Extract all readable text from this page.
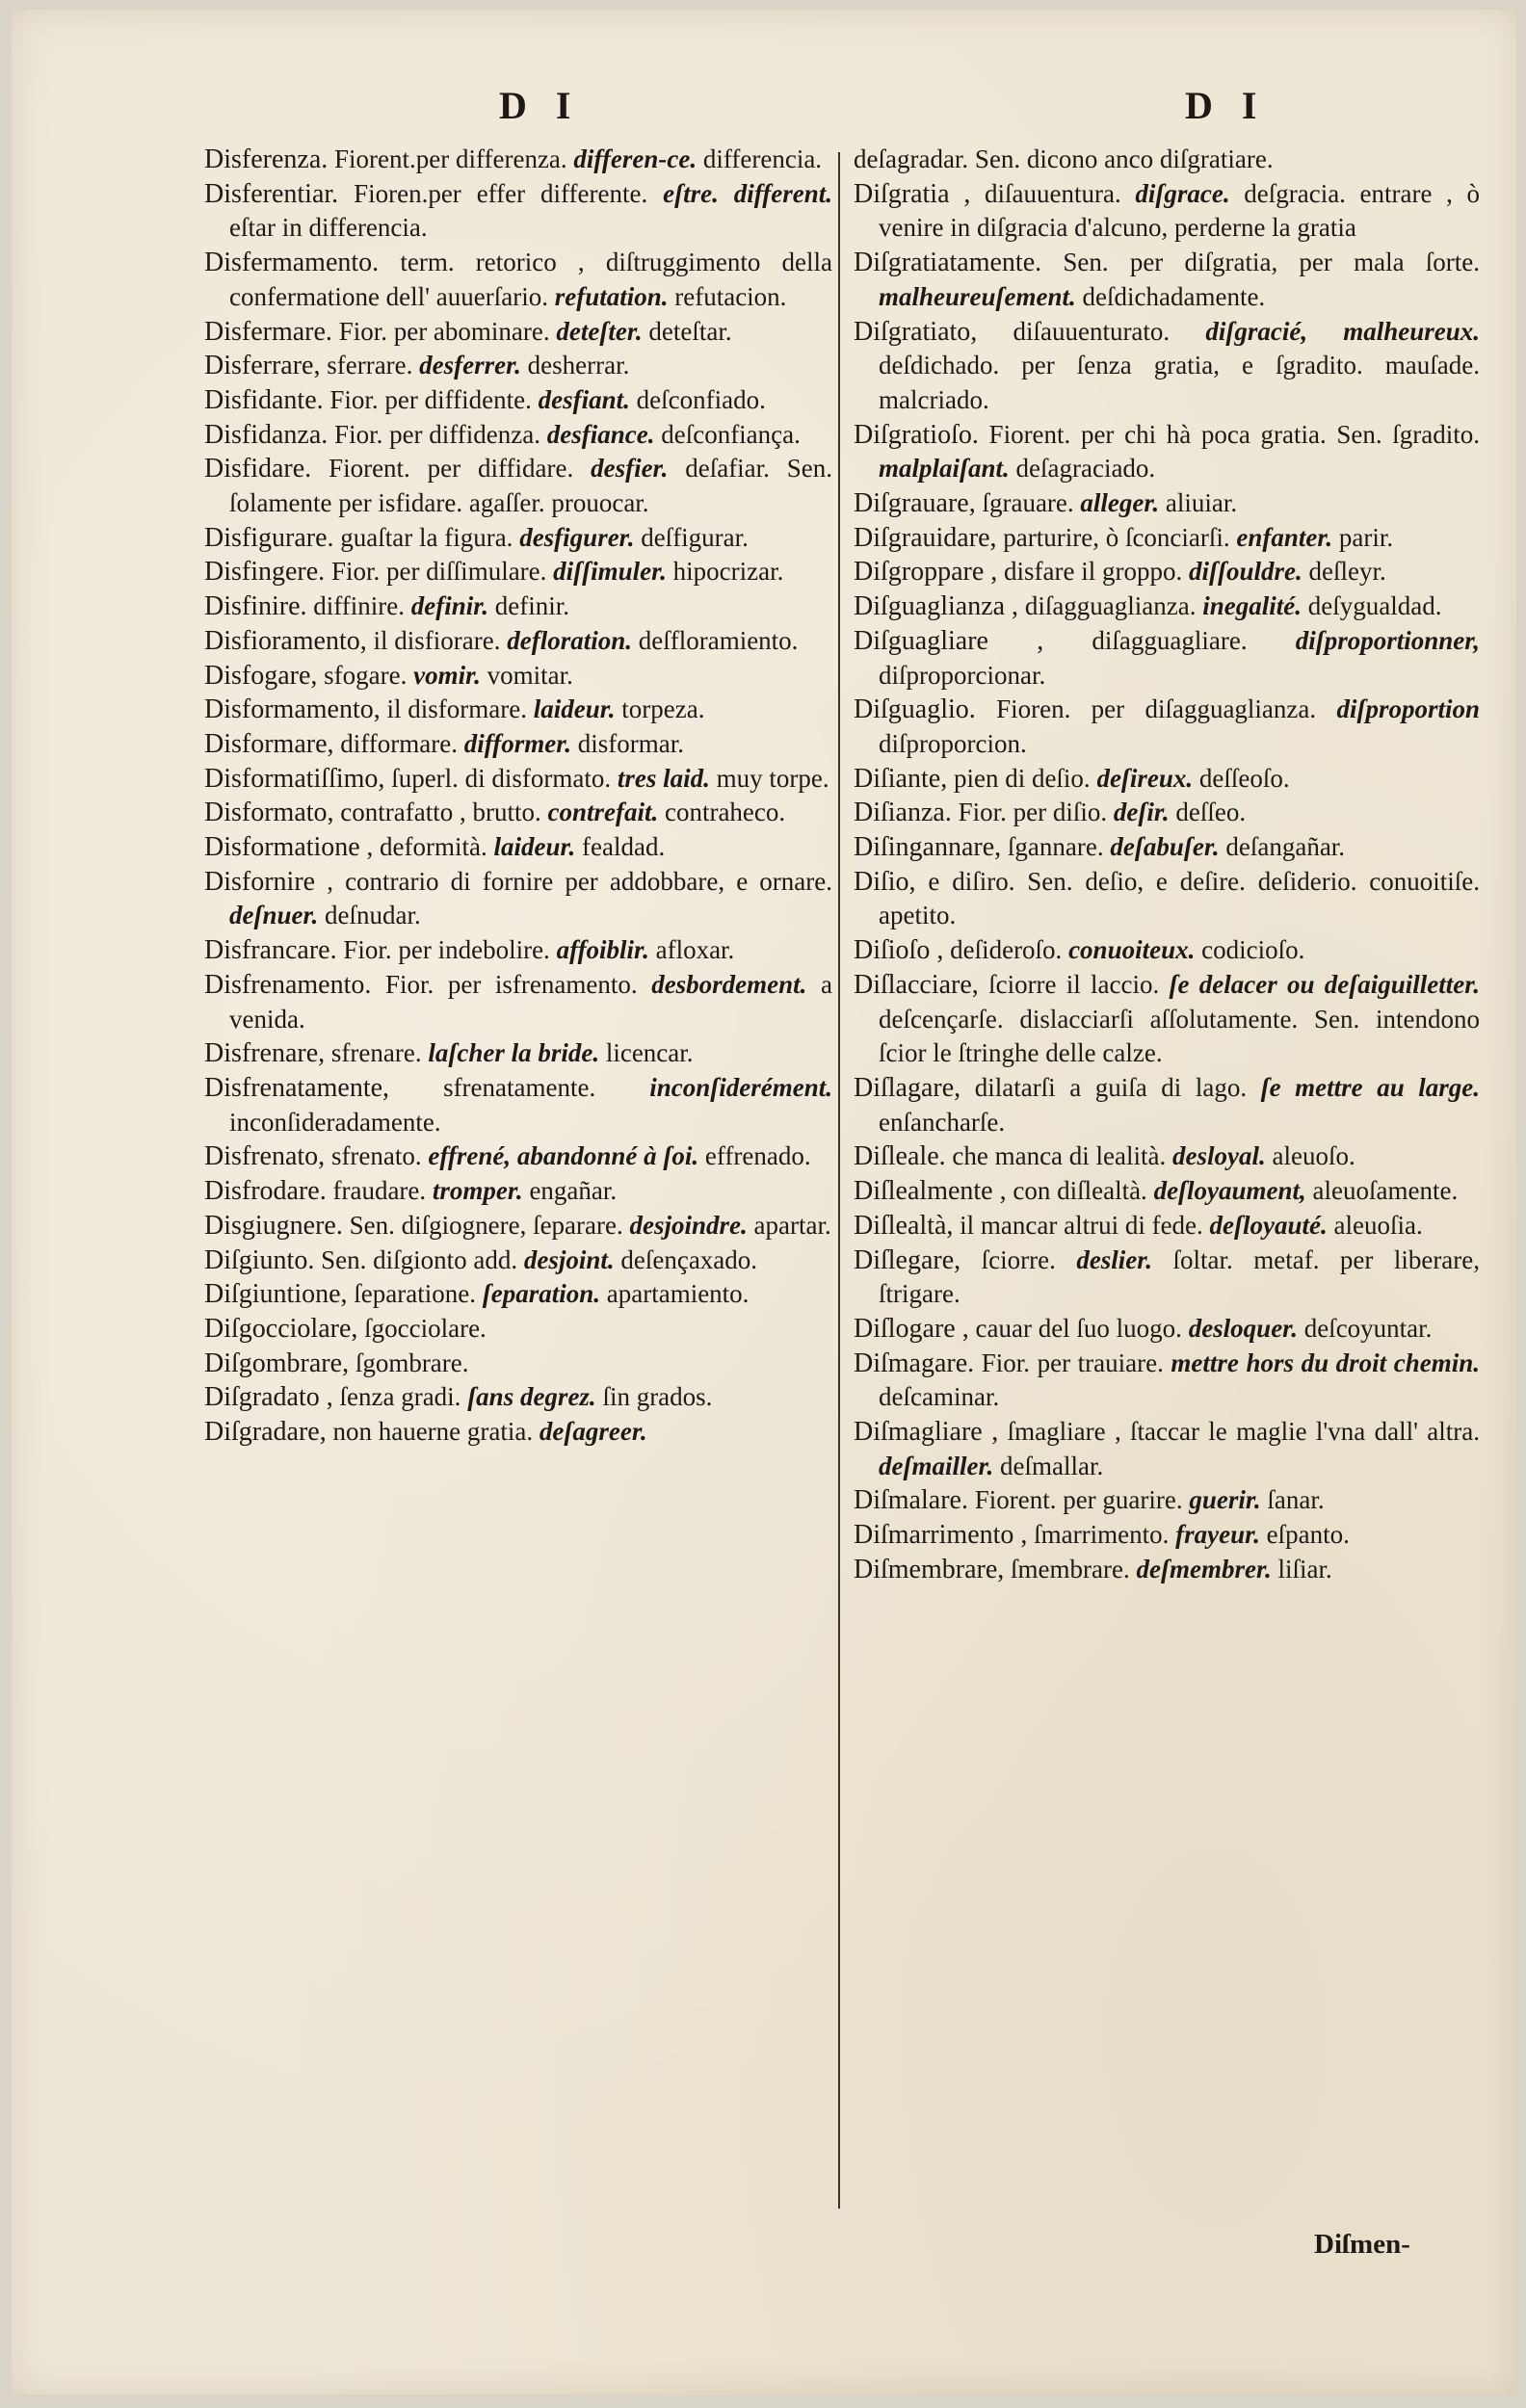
D I	D I

Disferenza. Fiorent.per differenza. differen-ce. differencia.

Disferentiar. Fioren.per effer differente. eſtre. different. eſtar in differencia.

Disfermamento. term. retorico , diſtruggimento della confermatione dell' auuerſario. refutation. refutacion.

Disfermare. Fior. per abominare. deteſter. deteſtar.

Disferrare, sferrare. desferrer. desherrar.

Disfidante. Fior. per diffidente. desfiant. deſconfiado.

Disfidanza. Fior. per diffidenza. desfiance. deſconfiança.

Disfidare. Fiorent. per diffidare. desfier. deſafiar. Sen. ſolamente per isfidare. agaſſer. prouocar.

Disfigurare. guaſtar la figura. desfigurer. deſfigurar.

Disfingere. Fior. per diſſimulare. diſſimuler. hipocrizar.

Disfinire. diffinire. definir. definir.

Disfioramento, il disfiorare. defloration. deſfloramiento.

Disfogare, sfogare. vomir. vomitar.

Disformamento, il disformare. laideur. torpeza.

Disformare, difformare. difformer. disformar.

Disformatiſſimo, ſuperl. di disformato. tres laid. muy torpe.

Disformato, contrafatto , brutto. contrefait. contraheco.

Disformatione , deformità. laideur. fealdad.

Disfornire , contrario di fornire per addobbare, e ornare. deſnuer. deſnudar.

Disfrancare. Fior. per indebolire. affoiblir. afloxar.

Disfrenamento. Fior. per isfrenamento. desbordement. a venida.

Disfrenare, sfrenare. laſcher la bride. licencar.

Disfrenatamente, sfrenatamente. inconſiderément. inconſideradamente.

Disfrenato, sfrenato. effrené, abandonné à ſoi. effrenado.

Disfrodare. fraudare. tromper. engañar.

Disgiugnere. Sen. diſgiognere, ſeparare. desjoindre. apartar.

Diſgiunto. Sen. diſgionto add. desjoint. deſençaxado.

Diſgiuntione, ſeparatione. ſeparation. apartamiento.

Diſgocciolare, ſgocciolare.

Diſgombrare, ſgombrare.

Diſgradato , ſenza gradi. ſans degrez. ſin grados.

Diſgradare, non hauerne gratia. deſagreer.

deſagradar. Sen. dicono anco diſgratiare.

Diſgratia , diſauuentura. diſgrace. deſgracia. entrare , ò venire in diſgracia d'alcuno, perderne la gratia

Diſgratiatamente. Sen. per diſgratia, per mala ſorte. malheureuſement. deſdichadamente.

Diſgratiato, diſauuenturato. diſgracié, malheureux. deſdichado. per ſenza gratia, e ſgradito. mauſade. malcriado.

Diſgratioſo. Fiorent. per chi hà poca gratia. Sen. ſgradito. malplaiſant. deſagraciado.

Diſgrauare, ſgrauare. alleger. aliuiar.

Diſgrauidare, parturire, ò ſconciarſi. enfanter. parir.

Diſgroppare , disfare il groppo. diſſouldre. deſleyr.

Diſguaglianza , diſagguaglianza. inegalité. deſygualdad.

Diſguagliare , diſagguagliare. diſproportionner, diſproporcionar.

Diſguaglio. Fioren. per diſagguaglianza. diſproportion diſproporcion.

Diſiante, pien di deſio. deſireux. deſſeoſo.

Diſianza. Fior. per diſio. deſir. deſſeo.

Diſingannare, ſgannare. deſabuſer. deſangañar.

Diſio, e diſiro. Sen. deſio, e deſire. deſiderio. conuoitiſe. apetito.

Diſioſo , deſideroſo. conuoiteux. codicioſo.

Diſlacciare, ſciorre il laccio. ſe delacer ou deſaiguilletter. deſcençarſe. dislacciarſi aſſolutamente. Sen. intendono ſcior le ſtringhe delle calze.

Diſlagare, dilatarſi a guiſa di lago. ſe mettre au large. enſancharſe.

Diſleale. che manca di lealità. desloyal. aleuoſo.

Diſlealmente , con diſlealtà. deſloyaument, aleuoſamente.

Diſlealtà, il mancar altrui di fede. deſloyauté. aleuoſia.

Diſlegare, ſciorre. deslier. ſoltar. metaf. per liberare, ſtrigare.

Diſlogare , cauar del ſuo luogo. desloquer. deſcoyuntar.

Diſmagare. Fior. per trauiare. mettre hors du droit chemin. deſcaminar.

Diſmagliare , ſmagliare , ſtaccar le maglie l'vna dall' altra. deſmailler. deſmallar.

Diſmalare. Fiorent. per guarire. guerir. ſanar.

Diſmarrimento , ſmarrimento. frayeur. eſpanto.

Diſmembrare, ſmembrare. deſmembrer. liſiar.

Diſmen-
